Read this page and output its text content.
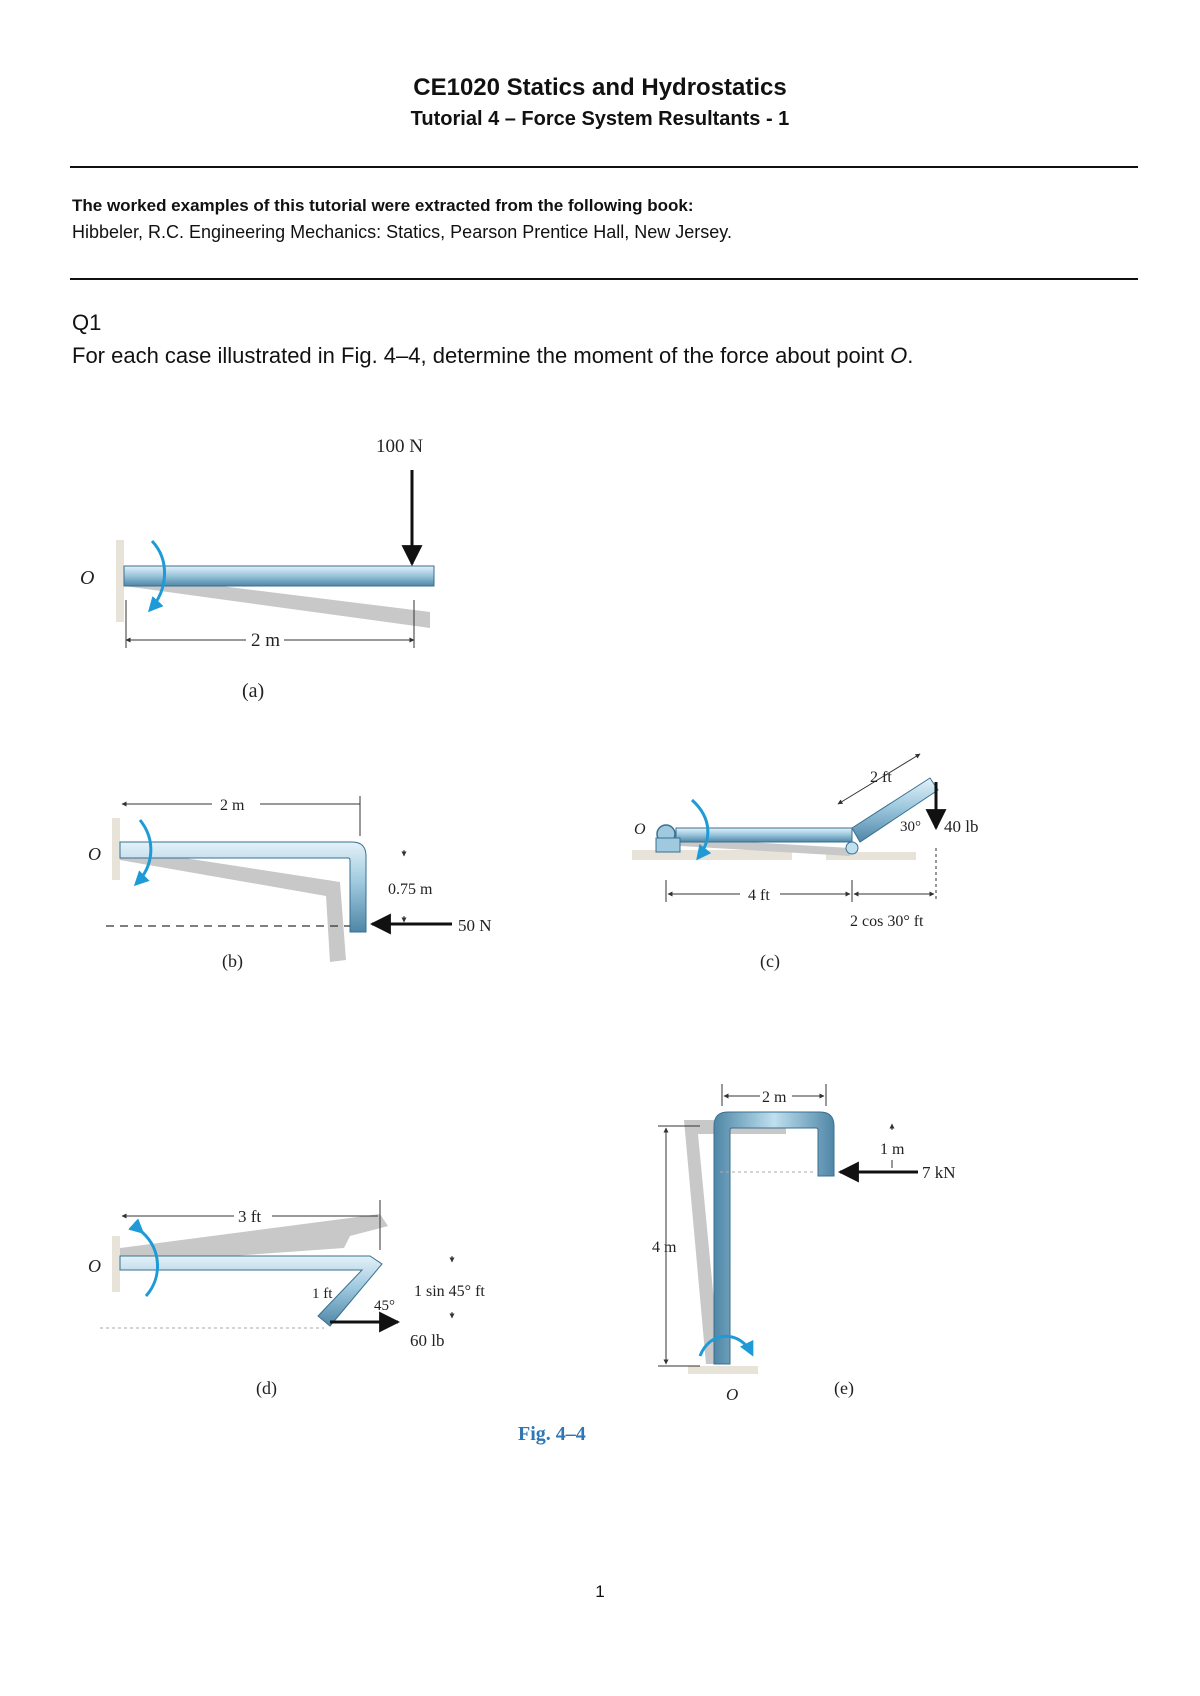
CE1020 Statics and Hydrostatics
Tutorial 4 – Force System Resultants - 1
The worked examples of this tutorial were extracted from the following book:
Hibbeler, R.C. Engineering Mechanics: Statics, Pearson Prentice Hall, New Jersey.
Q1
For each case illustrated in Fig. 4–4, determine the moment of the force about point O.
100 N
O
2 m
(a)
50 N
O
2 m
0.75 m
(b)
O	40 lb
30°
2 ft
4 ft
2 cos 30° ft
(c)
60 lb
O
3 ft
1 ft
45°
1 sin 45° ft
(d)
7 kN
O
2 m
1 m
4 m
(e)
Fig. 4–4
1
